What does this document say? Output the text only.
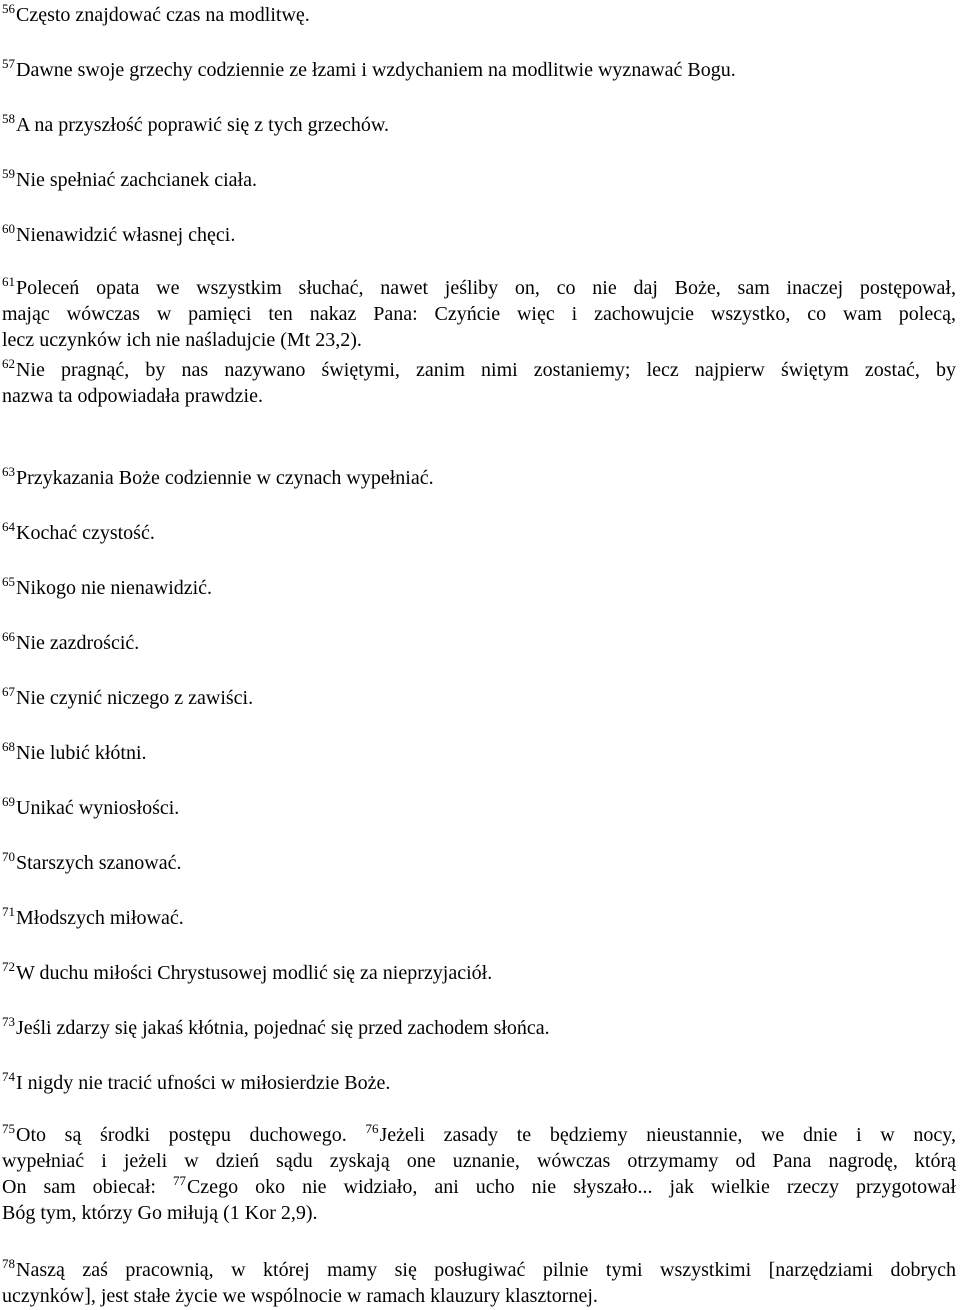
$^{56}$Często znajdować czas na modlitwę.

$^{57}$Dawne swoje grzechy codziennie ze łzami i wzdychaniem na modlitwie wyznawać Bogu.

$^{58}$A na przyszłość poprawić się z tych grzechów.

$^{59}$Nie spełniać zachcianek ciała.

$^{60}$Nienawidzić własnej chęci.

$^{61}$Poleceń opata we wszystkim słuchać, nawet jeśliby on, co nie daj Boże, sam inaczej postępował,
mając wówczas w pamięci ten nakaz Pana: Czyńcie więc i zachowujcie wszystko, co wam polecą,
lecz uczynków ich nie naśladujcie (Mt 23,2).

$^{62}$Nie pragnąć, by nas nazywano świętymi, zanim nimi zostaniemy; lecz najpierw świętym zostać, by
nazwa ta odpowiadała prawdzie.

$^{63}$Przykazania Boże codziennie w czynach wypełniać.

$^{64}$Kochać czystość.

$^{65}$Nikogo nie nienawidzić.

$^{66}$Nie zazdrościć.

$^{67}$Nie czynić niczego z zawiści.

$^{68}$Nie lubić kłótni.

$^{69}$Unikać wyniosłości.

$^{70}$Starszych szanować.

$^{71}$Młodszych miłować.

$^{72}$W duchu miłości Chrystusowej modlić się za nieprzyjaciół.

$^{73}$Jeśli zdarzy się jakaś kłótnia, pojednać się przed zachodem słońca.

$^{74}$I nigdy nie tracić ufności w miłosierdzie Boże.

$^{75}$Oto są środki postępu duchowego. $^{76}$Jeżeli zasady te będziemy nieustannie, we dnie i w nocy,
wypełniać i jeżeli w dzień sądu zyskają one uznanie, wówczas otrzymamy od Pana nagrodę, którą
On sam obiecał: $^{77}$Czego oko nie widziało, ani ucho nie słyszało... jak wielkie rzeczy przygotował
Bóg tym, którzy Go miłują (1 Kor 2,9).

$^{78}$Naszą zaś pracownią, w której mamy się posługiwać pilnie tymi wszystkimi [narzędziami dobrych
uczynków], jest stałe życie we wspólnocie w ramach klauzury klasztornej.
